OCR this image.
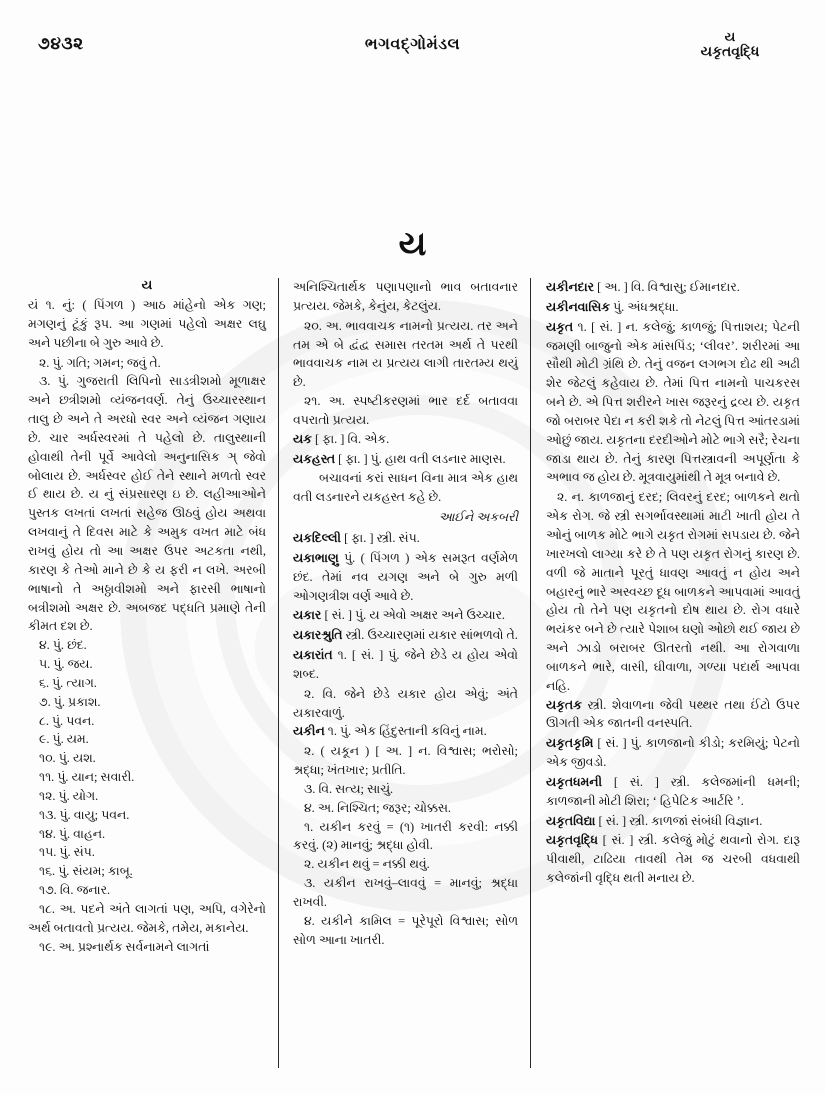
૭૪૩૨	ભગવદ્ગોમંડલ	ય
યકૃતવૃદ્ધિ
ય
ય

યં ૧. નું: ( પિંગળ ) આઠ માંહેનો એક ગણ; મગણનું ટૂંકું રૂપ. આ ગણમાં પહેલો અક્ષર લઘુ અને પછીના બે ગુરુ આવે છે.

૨. પું. ગતિ; ગમન; જવું તે.

૩. પું. ગુજરાતી લિપિનો સાડત્રીશમો મૂળાક્ષર અને છત્રીશમો વ્યંજનવર્ણ. તેનું ઉચ્ચારસ્થાન તાલુ છે અને તે અરધો સ્વર અને વ્યંજન ગણાય છે. ચાર અર્ધસ્વરમાં તે પહેલો છે. તાલુસ્થાની હોવાથી તેની પૂર્વે આવેલો અનુનાસિક ઞ્ જેવો બોલાય છે. અર્ધસ્વર હોઈ તેને સ્થાને મળતો સ્વર ઈ થાય છે. ય નું સંપ્રસારણ ઇ છે. લહીઆઓને પુસ્તક લખતાં લખતાં સહેજ ઊઠવું હોય અથવા લખવાનું તે દિવસ માટે કે અમુક વખત માટે બંધ રાખવું હોય તો આ અક્ષર ઉપર અટકતા નથી, કારણ કે તેઓ માને છે કે ય ફરી ન લખે. અરબી ભાષાનો તે અઠ્ઠાવીશમો અને ફારસી ભાષાનો બત્રીશમો અક્ષર છે. અબજદ પદ્ધતિ પ્રમાણે તેની કીમત દશ છે.

૪. પું. છંદ.

૫. પું. જય.

૬. પું. ત્યાગ.

૭. પું. પ્રકાશ.

૮. પું. પવન.

૯. પું. યમ.

૧૦. પું. યશ.

૧૧. પું. યાન; સવારી.

૧૨. પું. યોગ.

૧૩. પું. વાયુ; પવન.

૧૪. પું. વાહન.

૧૫. પું. સંપ.

૧૬. પું. સંયમ; કાબૂ.

૧૭. વિ. જનાર.

૧૮. અ. પદને અંતે લાગતાં પણ, અપિ, વગેરેનો અર્થ બતાવતો પ્રત્યય. જેમકે, તમેય, મકાનેય.

૧૯. અ. પ્રશ્નાર્થક સર્વનામને લાગતાં

અનિશ્ચિતાર્થક પણાપણાનો ભાવ બતાવનાર પ્રત્યય. જેમકે, કેનુંય, કેટલુંય.

૨૦. અ. ભાવવાચક નામનો પ્રત્યય. તર અને તમ એ બે દ્વંદ્વ સમાસ તરતમ અર્થ તે પરથી ભાવવાચક નામ ય પ્રત્યય લાગી તારતમ્ય થયું છે.

૨૧. અ. સ્પષ્ટીકરણમાં ભાર દર્દ બતાવવા વપરાતો પ્રત્યય.

યક [ ફા. ] વિ. એક.

યકહસ્ત [ ફા. ] પું. હાથ વતી લડનાર માણસ.

બચાવનાં કરાં સાધન વિના માત્ર એક હાથ વતી લડનારને યકહસ્ત કહે છે.

આઈને અકબરી

યકદિલ્લી [ ફા. ] સ્ત્રી. સંપ.

યકાભાણુ પું. ( પિંગળ ) એક સમરૂત વર્ણમેળ છંદ. તેમાં નવ યગણ અને બે ગુરુ મળી ઓગણત્રીશ વર્ણ આવે છે.

યકાર [ સં. ] પું. ય એવો અક્ષર અને ઉચ્ચાર.

યકારશ્રુતિ સ્ત્રી. ઉચ્ચારણમાં યકાર સાંભળવો તે.

યકારાંત ૧. [ સં. ] પું. જેને છેડે ય હોય એવો શબ્દ.

૨. વિ. જેને છેડે યકાર હોય એવું; અંતે યકારવાળું.

યકીન ૧. પું. એક હિંદુસ્તાની કવિનું નામ.

૨. ( યકૂન ) [ અ. ] ન. વિશ્વાસ; ભરોસો; શ્રદ્ધા; ખંતખાર; પ્રતીતિ.

૩. વિ. સત્ય; સાચું.

૪. અ. નિશ્ચિત; જરૂર; ચોક્કસ.

૧. યકીન કરવું = (૧) ખાતરી કરવી: નક્કી કરવું. (૨) માનવું; શ્રદ્ધા હોવી.

૨. યકીન થવું = નક્કી થવું.

૩. યકીન રાખવું–લાવવું = માનવું; શ્રદ્ધા રાખવી.

૪. યકીને કામિલ = પૂરેપૂરો વિશ્વાસ; સોળ સોળ આના ખાતરી.

યકીનદાર [ અ. ] વિ. વિશ્વાસુ; ઈમાનદાર.

યકીનવાસિક પું. અંધશ્રદ્ધા.

યકૃત ૧. [ સં. ] ન. કલેજું; કાળજું; પિત્તાશય; પેટની જમણી બાજુનો એક માંસપિંડ; ‘લીવર’. શરીરમાં આ સૌથી મોટી ગ્રંથિ છે. તેનું વજન લગભગ દોઢ થી અઢી શેર જેટલું કહેવાય છે. તેમાં પિત્ત નામનો પાચકરસ બને છે. એ પિત્ત શરીરને ખાસ જરૂરનું દ્રવ્ય છે. યકૃત જો બરાબર પેદા ન કરી શકે તો નેટલું પિત્ત આંતરડામાં ઓછું જાય. યકૃતના દરદીઓને મોટે ભાગે સરૈ; રેચના જાડા થાય છે. તેનું કારણ પિત્તસ્ત્રાવની અપૂર્ણતા કે અભાવ જ હોય છે. મૂત્રવાયુમાંથી તે મૂત્ર બનાવે છે.

૨. ન. કાળજાનું દરદ; લિવરનું દરદ; બાળકને થતો એક રોગ. જે સ્ત્રી સગર્ભાવસ્થામાં માટી ખાતી હોય તે ઓનું બાળક મોટે ભાગે યકૃત રોગમાં સપડાય છે. જેને ખારખલો લાગ્યા કરે છે તે પણ યકૃત રોગનું કારણ છે. વળી જે માતાને પૂરતું ધાવણ આવતું ન હોય અને બહારનું ભારે અસ્વચ્છ દૂધ બાળકને આપવામાં આવતું હોય તો તેને પણ યકૃતનો દોષ થાય છે. રોગ વધારે ભયંકર બને છે ત્યારે પેશાબ ઘણો ઓછો થઈ જાય છે અને ઝાડો બરાબર ઊતરતો નથી. આ રોગવાળા બાળકને ભારે, વાસી, ઘીવાળા, ગળ્યા પદાર્થ આપવા નહિ.

યકૃતક સ્ત્રી. શેવાળના જેવી પથ્થર તથા ઈંટો ઉપર ઊગતી એક જાતની વનસ્પતિ.

યકૃતકૃમિ [ સં. ] પું. કાળજાનો કીડો; કરમિયું; પેટનો એક જીવડો.

યકૃતધમની [ સં. ] સ્ત્રી. કલેજમાંની ધમની; કાળજાની મોટી શિરા; ‘ હિપેટિક આર્ટરિ ’.

યકૃતવિદ્યા [ સં. ] સ્ત્રી. કાળજાં સંબંધી વિજ્ઞાન.

યકૃતવૃદ્ધિ [ સં. ] સ્ત્રી. કલેજું મોટું થવાનો રોગ. દારૂ પીવાથી, ટાઢિયા તાવથી તેમ જ ચરબી વધવાથી કલેજાંની વૃદ્ધિ થતી મનાય છે.
